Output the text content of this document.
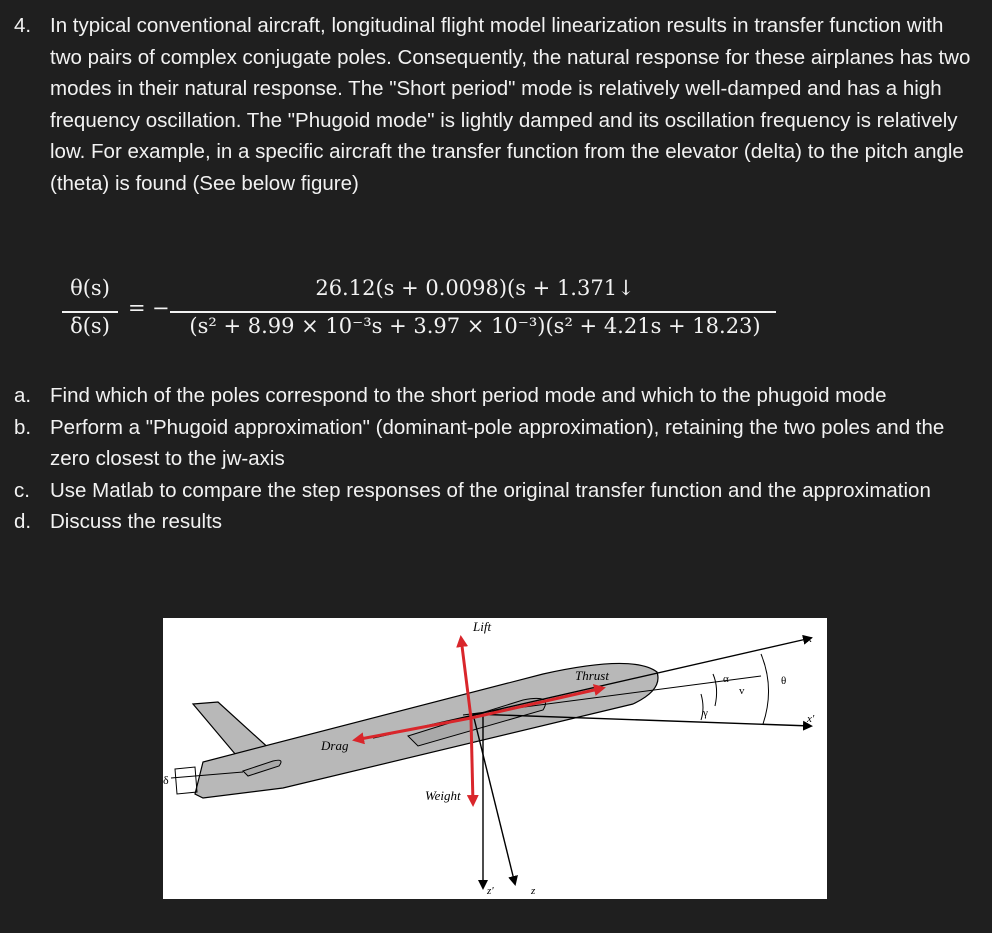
4. In typical conventional aircraft, longitudinal flight model linearization results in transfer function with two pairs of complex conjugate poles. Consequently, the natural response for these airplanes has two modes in their natural response. The "Short period" mode is relatively well-damped and has a high frequency oscillation. The "Phugoid mode" is lightly damped and its oscillation frequency is relatively low. For example, in a specific aircraft the transfer function from the elevator (delta) to the pitch angle (theta) is found (See below figure)
θ(s)
δ(s)
= −
26.12(s + 0.0098)(s + 1.371↓
(s² + 8.99 × 10⁻³s + 3.97 × 10⁻³)(s² + 4.21s + 18.23)
a. Find which of the poles correspond to the short period mode and which to the phugoid mode
b. Perform a "Phugoid approximation" (dominant-pole approximation), retaining the two poles and the zero closest to the jw-axis
c. Use Matlab to compare the step responses of the original transfer function and the approximation
d. Discuss the results
Lift
Thrust
Drag
Weight
α
v
θ
γ
x
x'
z'	z
δ
